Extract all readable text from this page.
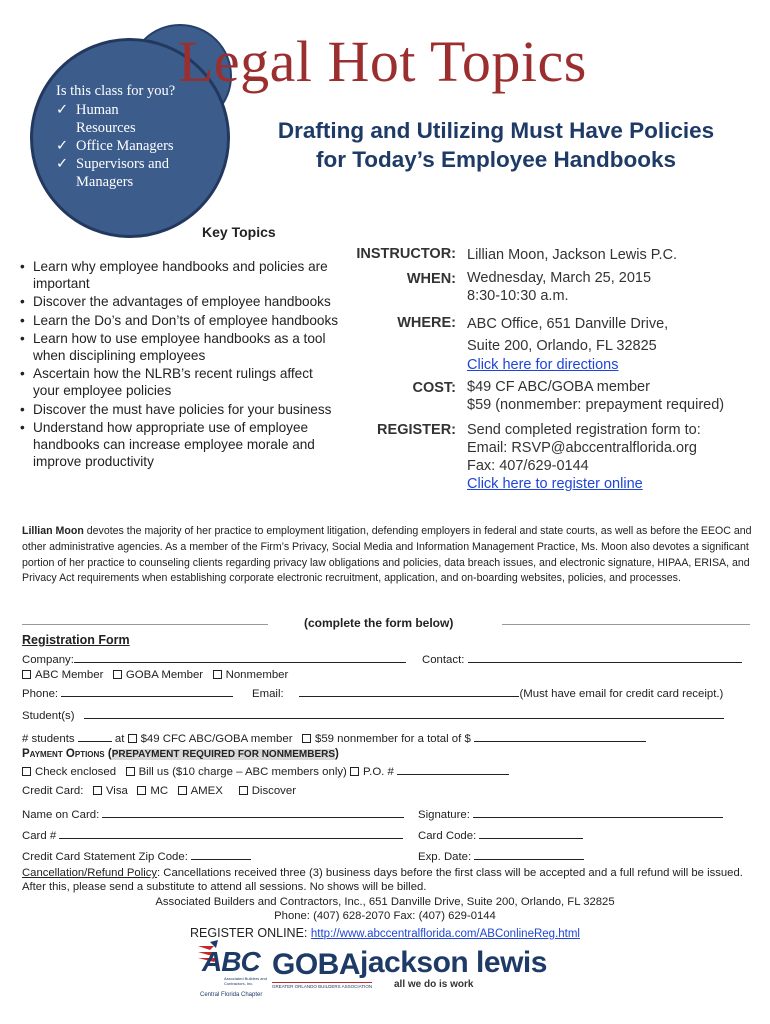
Is this class for you?
✓ Human
Resources
✓ Office Managers
✓ Supervisors and
Managers
Legal Hot Topics
Drafting and Utilizing Must Have Policies
for Today’s Employee Handbooks
Key Topics
• Learn why employee handbooks and policies are important
• Discover the advantages of employee handbooks
• Learn the Do’s and Don’ts of employee handbooks
• Learn how to use employee handbooks as a tool when disciplining employees
• Ascertain how the NLRB’s recent rulings affect your employee policies
• Discover the must have policies for your business
• Understand how appropriate use of employee handbooks can increase employee morale and improve productivity
INSTRUCTOR: Lillian Moon, Jackson Lewis P.C.
WHEN: Wednesday, March 25, 2015
8:30-10:30 a.m.
WHERE: ABC Office, 651 Danville Drive,
Suite 200, Orlando, FL 32825
Click here for directions
COST: $49 CF ABC/GOBA member
$59 (nonmember: prepayment required)
REGISTER: Send completed registration form to:
Email: RSVP@abccentralflorida.org
Fax: 407/629-0144
Click here to register online
Lillian Moon devotes the majority of her practice to employment litigation, defending employers in federal and state courts, as well as before the EEOC and other administrative agencies. As a member of the Firm’s Privacy, Social Media and Information Management Practice, Ms. Moon also devotes a significant portion of her practice to counseling clients regarding privacy law obligations and policies, data breach issues, and electronic signature, HIPAA, ERISA, and Privacy Act requirements when establishing corporate electronic recruitment, application, and on-boarding websites, policies, and processes.
(complete the form below)
Registration Form
Company:	Contact:
ABC Member GOBA Member Nonmember
Phone:	Email:	(Must have email for credit card receipt.)
Student(s)
# students	at $49 CFC ABC/GOBA member $59 nonmember for a total of $
Payment Options (PREPAYMENT REQUIRED FOR NONMEMBERS)
Check enclosed Bill us ($10 charge – ABC members only) P.O. #
Credit Card: Visa MC AMEX	Discover
Name on Card:	Signature:
Card #	Card Code:
Credit Card Statement Zip Code:	Exp. Date:
Cancellation/Refund Policy: Cancellations received three (3) business days before the first class will be accepted and a full refund will be issued. After this, please send a substitute to attend all sessions. No shows will be billed.
Associated Builders and Contractors, Inc., 651 Danville Drive, Suite 200, Orlando, FL 32825
Phone: (407) 628-2070 Fax: (407) 629-0144
REGISTER ONLINE: http://www.abccentralflorida.com/ABConlineReg.html
ABC
Associated Builders and Contractors, Inc.
Central Florida Chapter
GOBA
GREATER ORLANDO BUILDERS ASSOCIATION
jackson lewis
all we do is work
